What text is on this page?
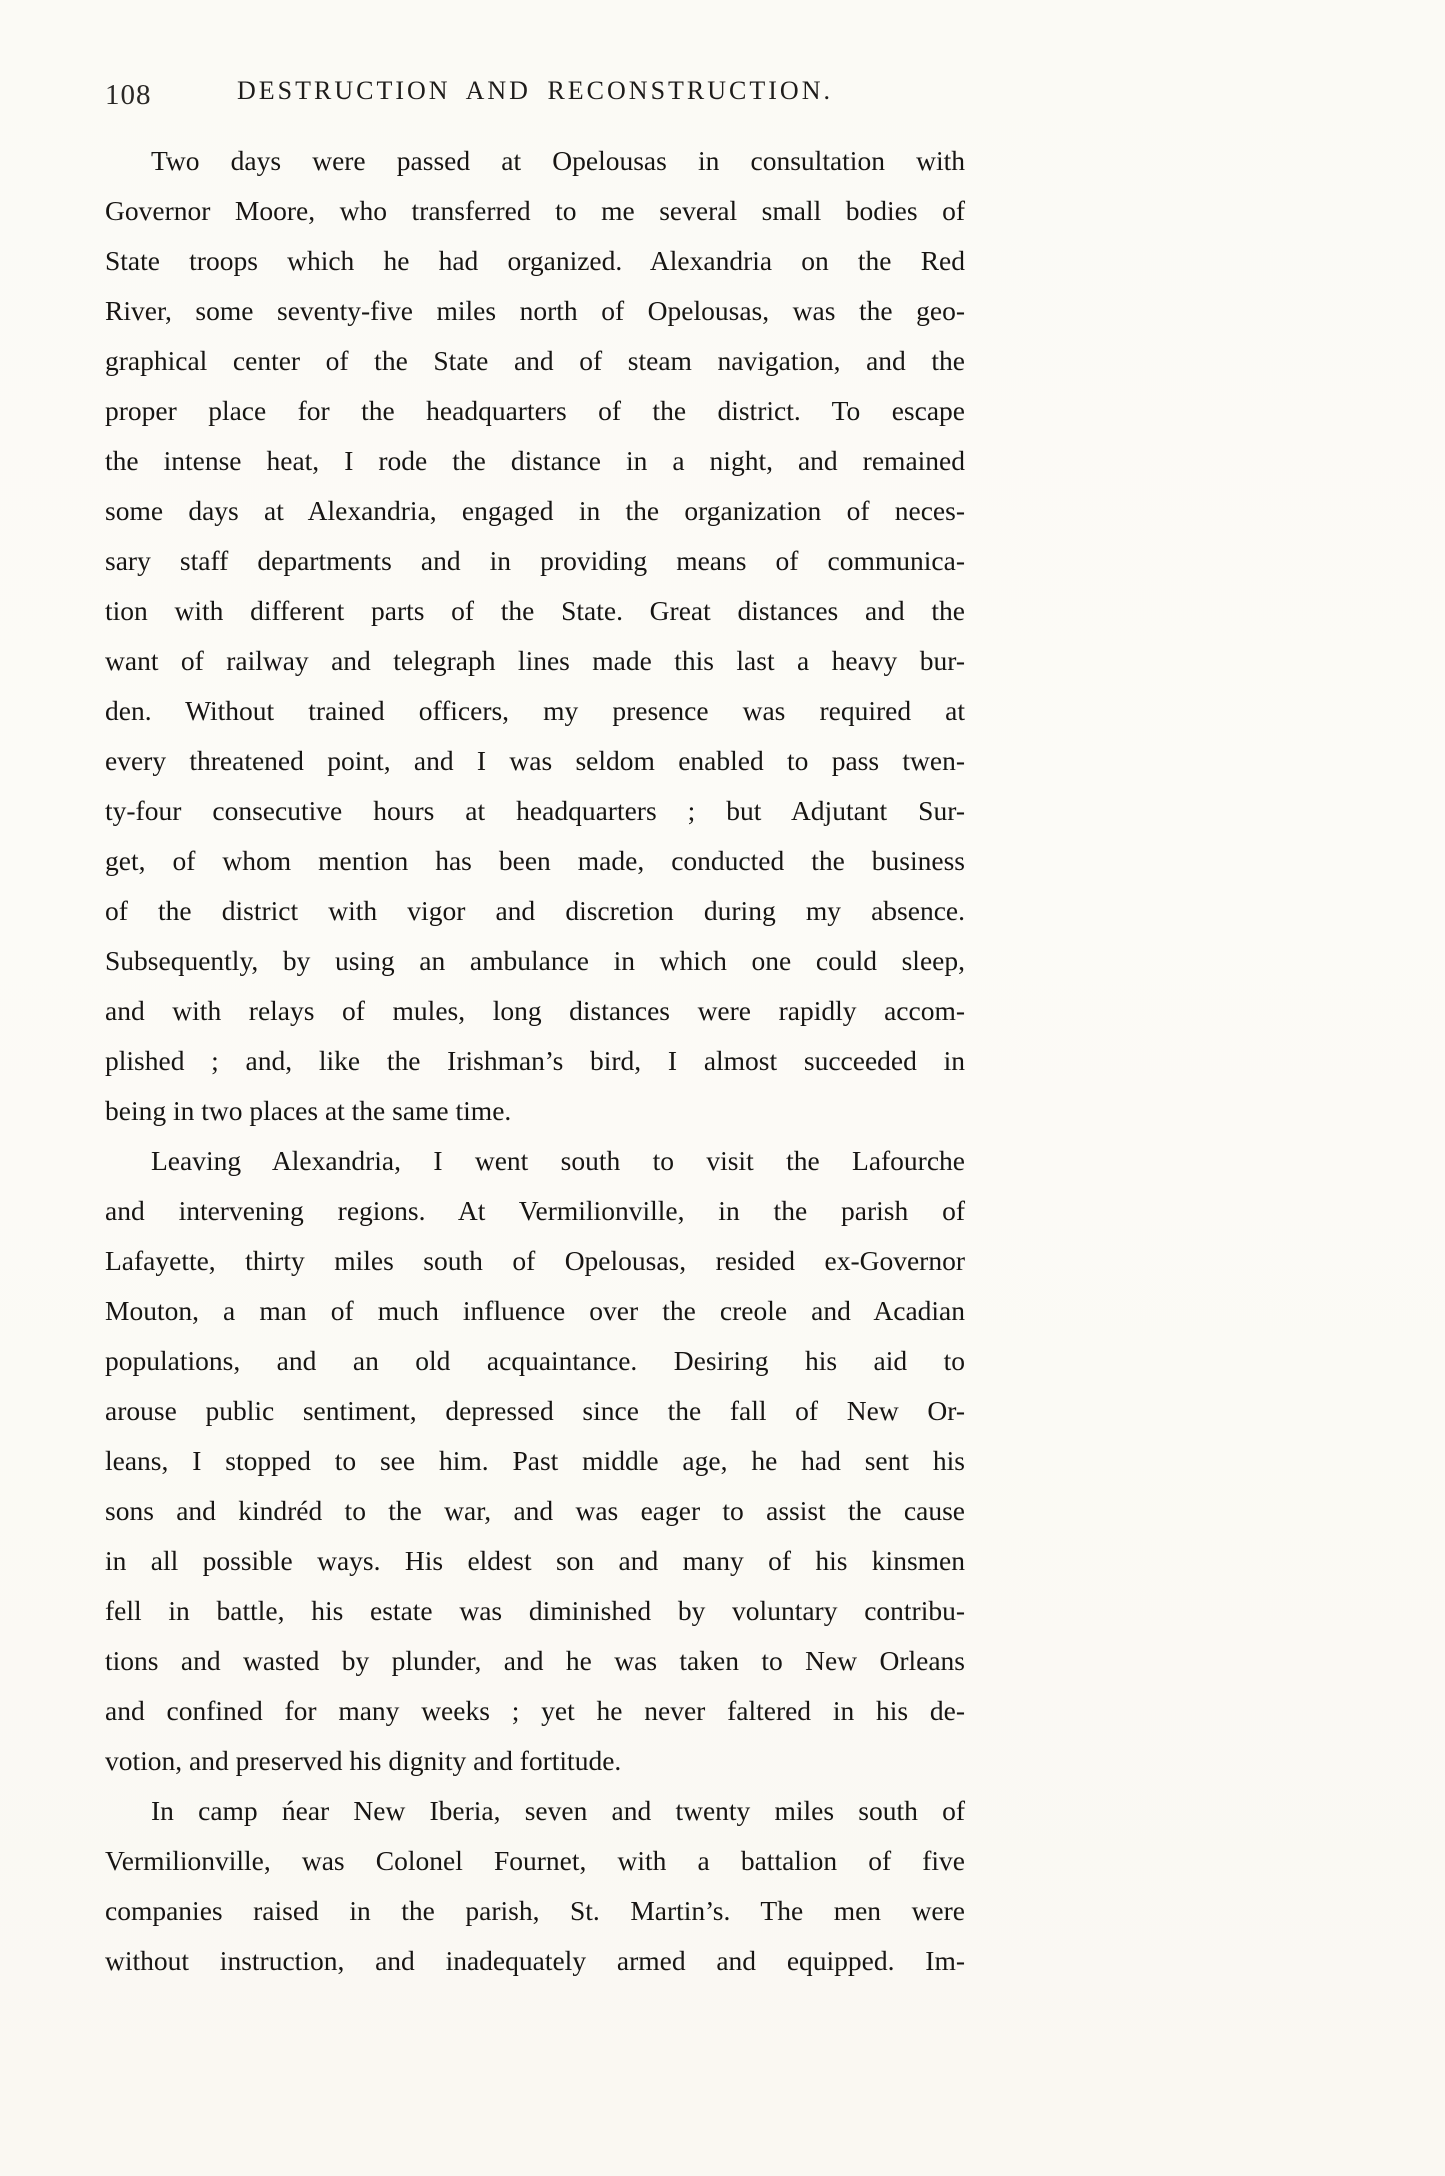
108	DESTRUCTION AND RECONSTRUCTION.
Two days were passed at Opelousas in consultation with
Governor Moore, who transferred to me several small bodies of
State troops which he had organized. Alexandria on the Red
River, some seventy-five miles north of Opelousas, was the geo-
graphical center of the State and of steam navigation, and the
proper place for the headquarters of the district. To escape
the intense heat, I rode the distance in a night, and remained
some days at Alexandria, engaged in the organization of neces-
sary staff departments and in providing means of communica-
tion with different parts of the State. Great distances and the
want of railway and telegraph lines made this last a heavy bur-
den. Without trained officers, my presence was required at
every threatened point, and I was seldom enabled to pass twen-
ty-four consecutive hours at headquarters ; but Adjutant Sur-
get, of whom mention has been made, conducted the business
of the district with vigor and discretion during my absence.
Subsequently, by using an ambulance in which one could sleep,
and with relays of mules, long distances were rapidly accom-
plished ; and, like the Irishman’s bird, I almost succeeded in
being in two places at the same time.
Leaving Alexandria, I went south to visit the Lafourche
and intervening regions. At Vermilionville, in the parish of
Lafayette, thirty miles south of Opelousas, resided ex-Governor
Mouton, a man of much influence over the creole and Acadian
populations, and an old acquaintance. Desiring his aid to
arouse public sentiment, depressed since the fall of New Or-
leans, I stopped to see him. Past middle age, he had sent his
sons and kindréd to the war, and was eager to assist the cause
in all possible ways. His eldest son and many of his kinsmen
fell in battle, his estate was diminished by voluntary contribu-
tions and wasted by plunder, and he was taken to New Orleans
and confined for many weeks ; yet he never faltered in his de-
votion, and preserved his dignity and fortitude.
In camp ńear New Iberia, seven and twenty miles south of
Vermilionville, was Colonel Fournet, with a battalion of five
companies raised in the parish, St. Martin’s. The men were
without instruction, and inadequately armed and equipped. Im-
